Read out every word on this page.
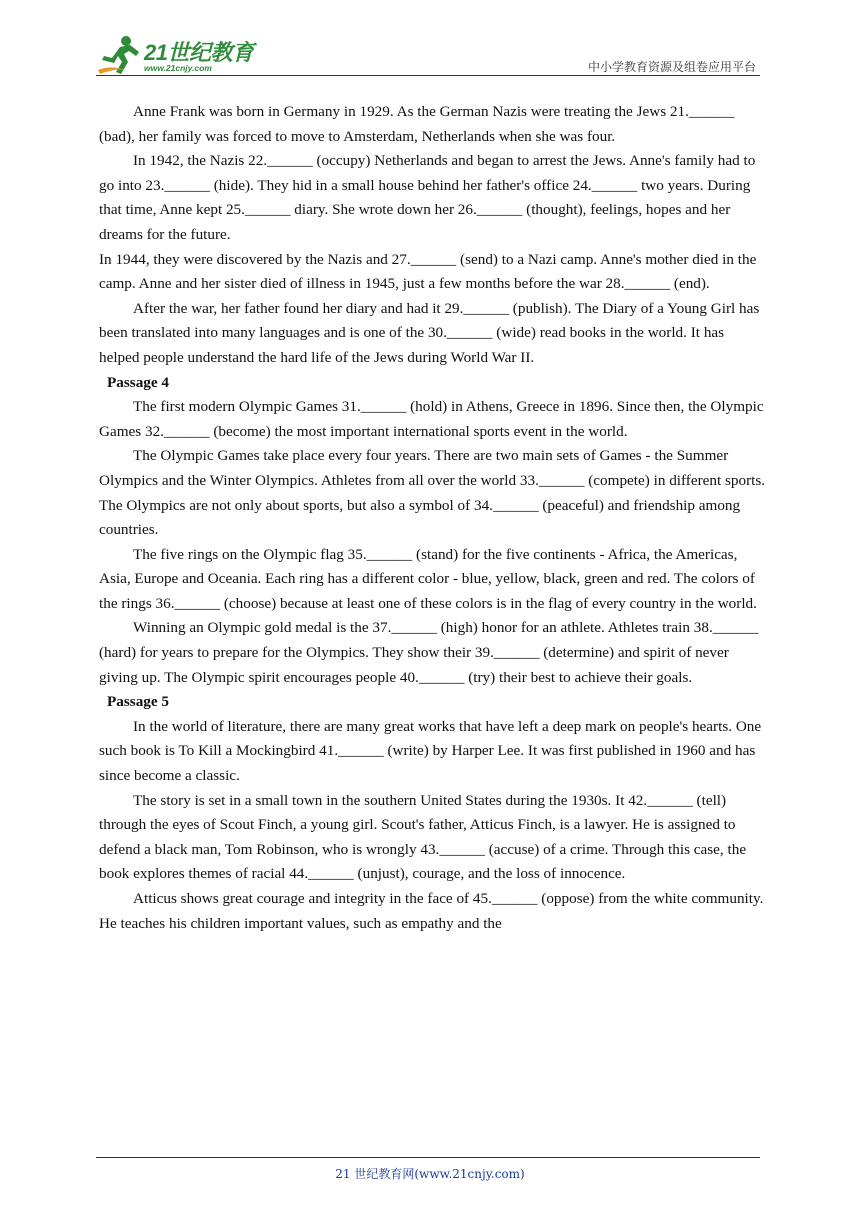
21世纪教育
www.21cnjy.com	中小学教育资源及组卷应用平台

Anne Frank was born in Germany in 1929. As the German Nazis were treating the Jews 21.______ (bad), her family was forced to move to Amsterdam, Netherlands when she was four.

In 1942, the Nazis 22.______ (occupy) Netherlands and began to arrest the Jews. Anne's family had to go into 23.______ (hide). They hid in a small house behind her father's office 24.______ two years. During that time, Anne kept 25.______ diary. She wrote down her 26.______ (thought), feelings, hopes and her dreams for the future.

In 1944, they were discovered by the Nazis and 27.______ (send) to a Nazi camp. Anne's mother died in the camp. Anne and her sister died of illness in 1945, just a few months before the war 28.______ (end).

After the war, her father found her diary and had it 29.______ (publish). The Diary of a Young Girl has been translated into many languages and is one of the 30.______ (wide) read books in the world. It has helped people understand the hard life of the Jews during World War II.

Passage 4

The first modern Olympic Games 31.______ (hold) in Athens, Greece in 1896. Since then, the Olympic Games 32.______ (become) the most important international sports event in the world.

The Olympic Games take place every four years. There are two main sets of Games - the Summer Olympics and the Winter Olympics. Athletes from all over the world 33.______ (compete) in different sports. The Olympics are not only about sports, but also a symbol of 34.______ (peaceful) and friendship among countries.

The five rings on the Olympic flag 35.______ (stand) for the five continents - Africa, the Americas, Asia, Europe and Oceania. Each ring has a different color - blue, yellow, black, green and red. The colors of the rings 36.______ (choose) because at least one of these colors is in the flag of every country in the world.

Winning an Olympic gold medal is the 37.______ (high) honor for an athlete. Athletes train 38.______ (hard) for years to prepare for the Olympics. They show their 39.______ (determine) and spirit of never giving up. The Olympic spirit encourages people 40.______ (try) their best to achieve their goals.

Passage 5

In the world of literature, there are many great works that have left a deep mark on people's hearts. One such book is To Kill a Mockingbird 41.______ (write) by Harper Lee. It was first published in 1960 and has since become a classic.

The story is set in a small town in the southern United States during the 1930s. It 42.______ (tell) through the eyes of Scout Finch, a young girl. Scout's father, Atticus Finch, is a lawyer. He is assigned to defend a black man, Tom Robinson, who is wrongly 43.______ (accuse) of a crime. Through this case, the book explores themes of racial 44.______ (unjust), courage, and the loss of innocence.

Atticus shows great courage and integrity in the face of 45.______ (oppose) from the white community. He teaches his children important values, such as empathy and the

21 世纪教育网(www.21cnjy.com)
